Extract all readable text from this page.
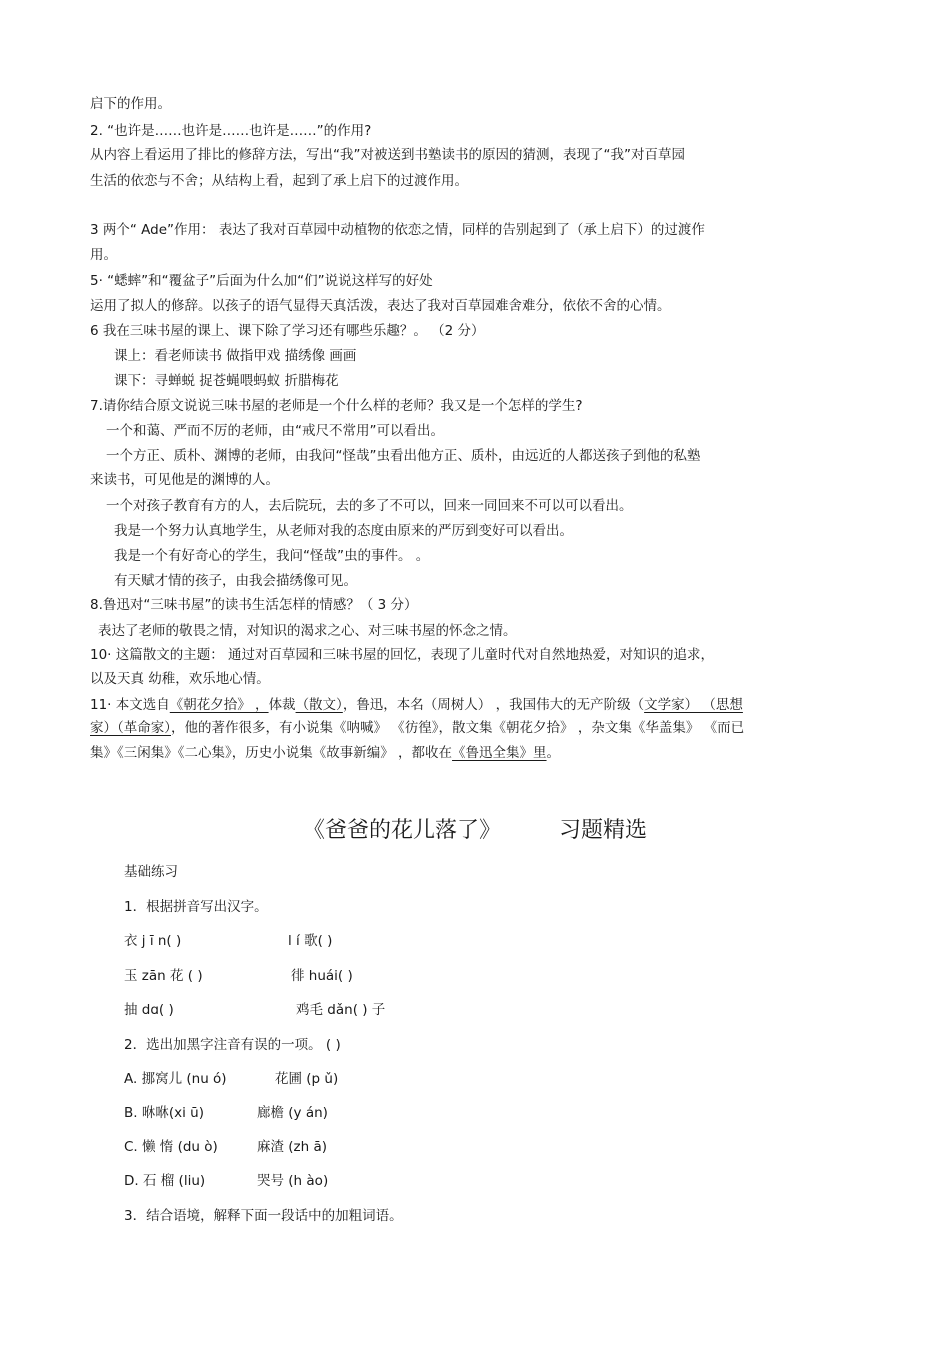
启下的作用。
2. “也许是……也许是……也许是……”的作用?
从内容上看运用了排比的修辞方法，写出“我”对被送到书塾读书的原因的猜测，表现了“我”对百草园
生活的依恋与不舍；从结构上看，起到了承上启下的过渡作用。
3 两个“ Ade”作用： 表达了我对百草园中动植物的依恋之情，同样的告别起到了（承上启下）的过渡作
用。
5· “蟋蟀”和“覆盆子”后面为什么加“们”说说这样写的好处
运用了拟人的修辞。以孩子的语气显得天真活泼，表达了我对百草园难舍难分，依依不舍的心情。
6 我在三味书屋的课上、课下除了学习还有哪些乐趣？。 （2 分）
课上：看老师读书 做指甲戏 描绣像 画画
课下：寻蝉蜕 捉苍蝇喂蚂蚁 折腊梅花
7.请你结合原文说说三味书屋的老师是一个什么样的老师？我又是一个怎样的学生?
一个和蔼、严而不厉的老师，由“戒尺不常用”可以看出。
一个方正、质朴、渊博的老师，由我问“怪哉”虫看出他方正、质朴，由远近的人都送孩子到他的私塾
来读书，可见他是的渊博的人。
一个对孩子教育有方的人，去后院玩，去的多了不可以，回来一同回来不可以可以看出。
我是一个努力认真地学生，从老师对我的态度由原来的严厉到变好可以看出。
我是一个有好奇心的学生，我问“怪哉”虫的事件。 。
有天赋才情的孩子，由我会描绣像可见。
8.鲁迅对“三味书屋”的读书生活怎样的情感？（ 3 分）
表达了老师的敬畏之情，对知识的渴求之心、对三味书屋的怀念之情。
10· 这篇散文的主题： 通过对百草园和三味书屋的回忆，表现了儿童时代对自然地热爱，对知识的追求，
以及天真 幼稚，欢乐地心情。
11· 本文选自《朝花夕拾》 ，体裁（散文），鲁迅，本名（周树人） ，我国伟大的无产阶级（文学家） （思想
家）（革命家），他的著作很多，有小说集《呐喊》 《彷徨》，散文集《朝花夕拾》 ，杂文集《华盖集》 《而已
集》《三闲集》《二心集》，历史小说集《故事新编》 ，都收在《鲁迅全集》里。
《爸爸的花儿落了》	习题精选
基础练习
1．根据拼音写出汉字。
衣 j ī n( )	l í 歌( )
玉 zān 花 ( )	徘 huái( )
抽 dɑ( )	鸡毛 dǎn( ) 子
2．选出加黑字注音有误的一项。 ( )
A. 挪窝儿 (nu ó)	花圃 (p ǔ)
B. 咻咻(xi ū)	廊檐 (y án)
C. 懒 惰 (du ò)	麻渣 (zh ā)
D. 石 榴 (liu)	哭号 (h ào)
3．结合语境，解释下面一段话中的加粗词语。
